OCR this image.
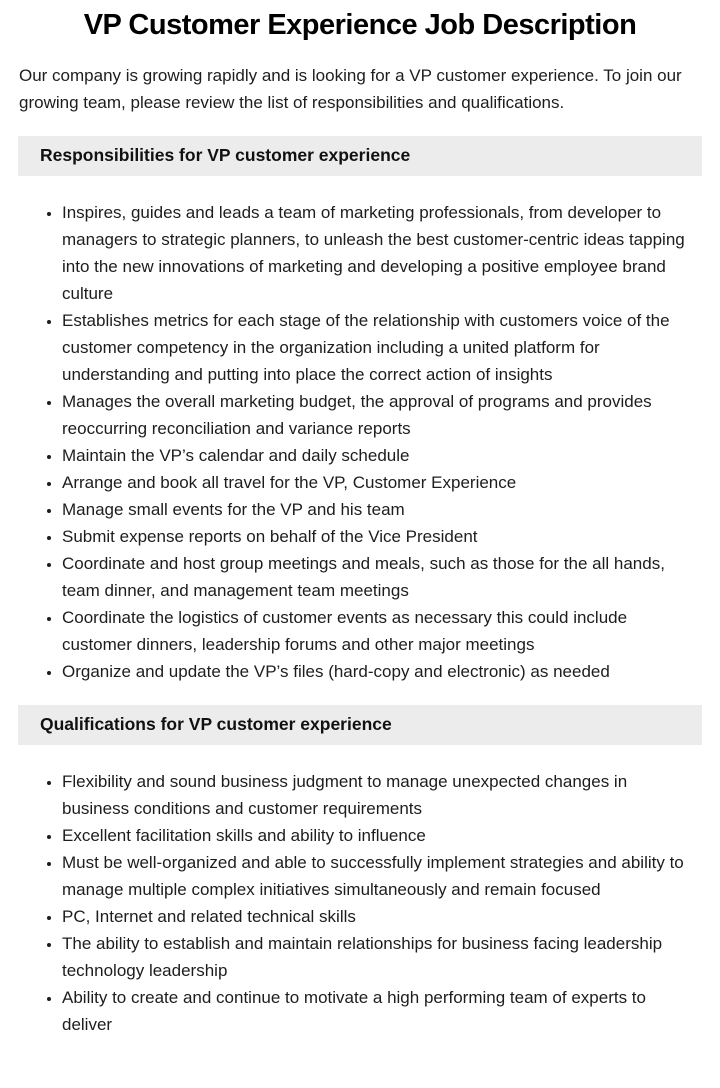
VP Customer Experience Job Description

Our company is growing rapidly and is looking for a VP customer experience. To join our growing team, please review the list of responsibilities and qualifications.

Responsibilities for VP customer experience
• Inspires, guides and leads a team of marketing professionals, from developer to managers to strategic planners, to unleash the best customer-centric ideas tapping into the new innovations of marketing and developing a positive employee brand culture
• Establishes metrics for each stage of the relationship with customers voice of the customer competency in the organization including a united platform for understanding and putting into place the correct action of insights
• Manages the overall marketing budget, the approval of programs and provides reoccurring reconciliation and variance reports
• Maintain the VP’s calendar and daily schedule
• Arrange and book all travel for the VP, Customer Experience
• Manage small events for the VP and his team
• Submit expense reports on behalf of the Vice President
• Coordinate and host group meetings and meals, such as those for the all hands, team dinner, and management team meetings
• Coordinate the logistics of customer events as necessary this could include customer dinners, leadership forums and other major meetings
• Organize and update the VP’s files (hard-copy and electronic) as needed
Qualifications for VP customer experience
• Flexibility and sound business judgment to manage unexpected changes in business conditions and customer requirements
• Excellent facilitation skills and ability to influence
• Must be well-organized and able to successfully implement strategies and ability to manage multiple complex initiatives simultaneously and remain focused
• PC, Internet and related technical skills
• The ability to establish and maintain relationships for business facing leadership technology leadership
• Ability to create and continue to motivate a high performing team of experts to deliver
